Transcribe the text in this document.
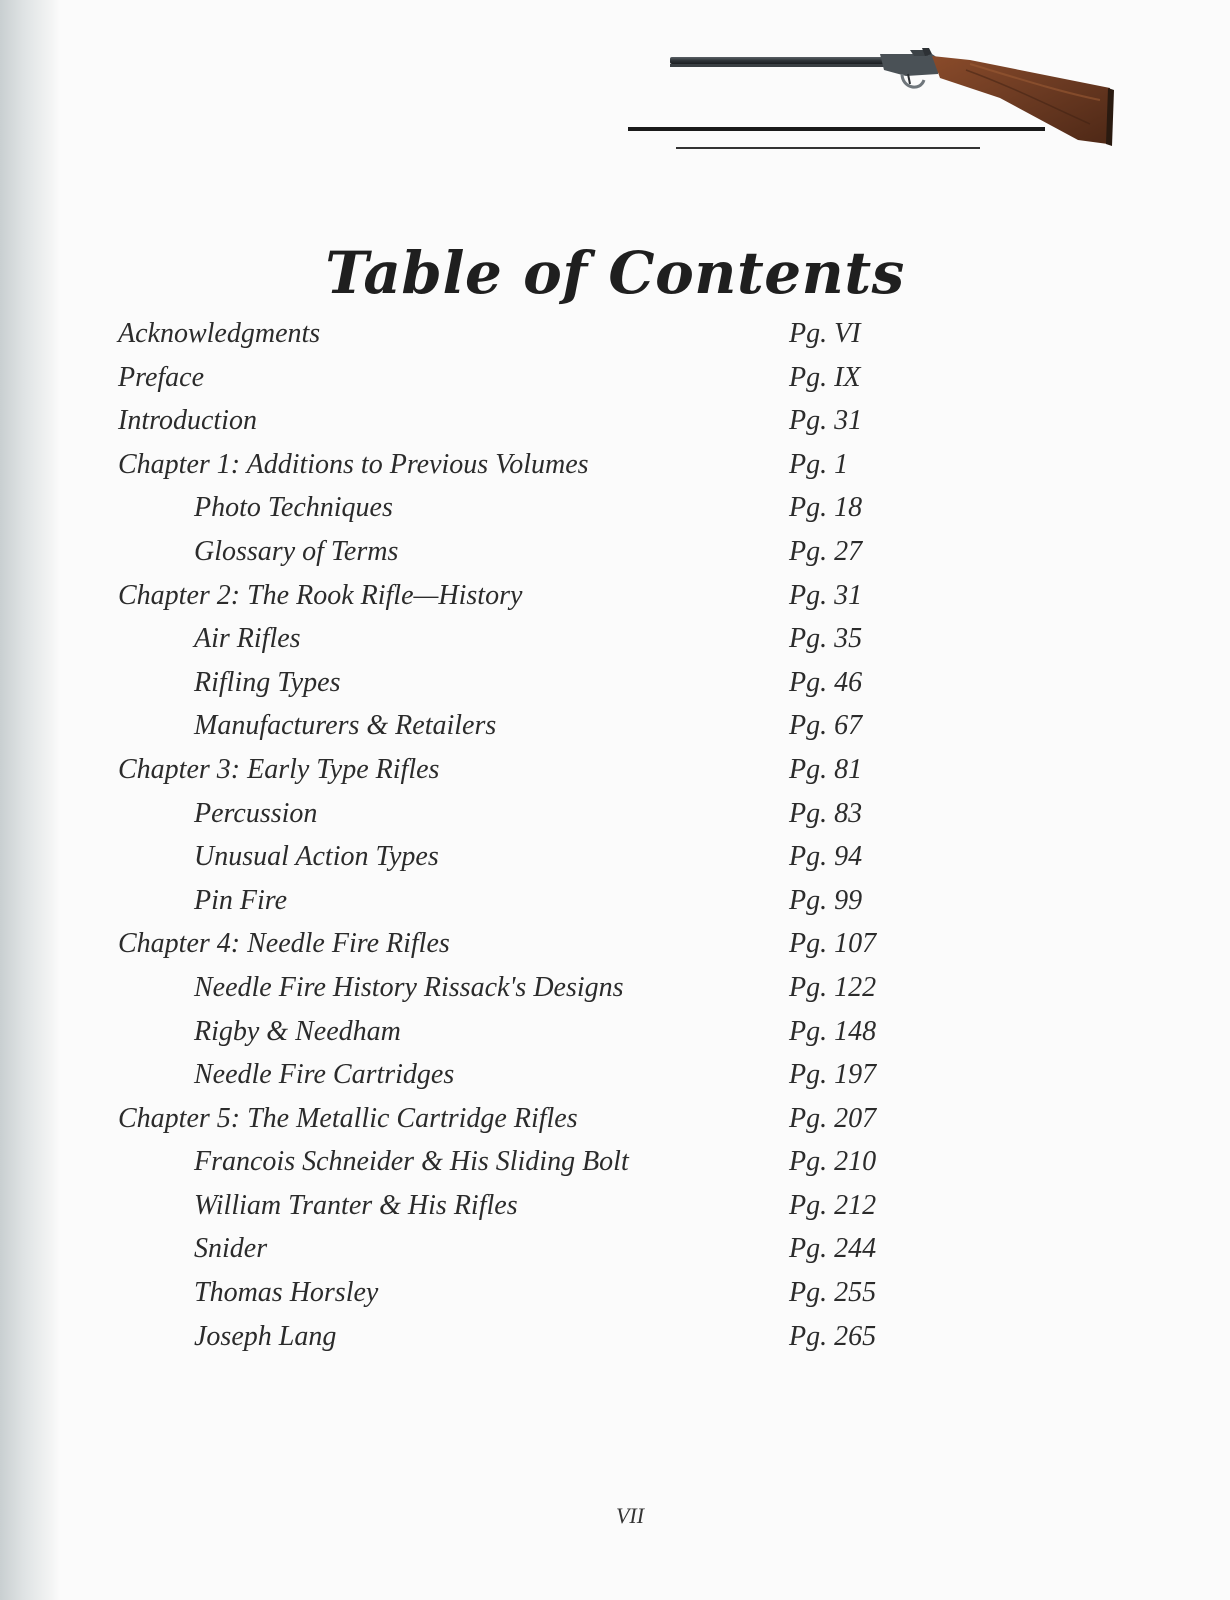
Table of Contents
Acknowledgments	Pg. VI
Preface	Pg. IX
Introduction	Pg. 31
Chapter 1: Additions to Previous Volumes	Pg. 1
Photo Techniques	Pg. 18
Glossary of Terms	Pg. 27
Chapter 2: The Rook Rifle—History	Pg. 31
Air Rifles	Pg. 35
Rifling Types	Pg. 46
Manufacturers & Retailers	Pg. 67
Chapter 3: Early Type Rifles	Pg. 81
Percussion	Pg. 83
Unusual Action Types	Pg. 94
Pin Fire	Pg. 99
Chapter 4: Needle Fire Rifles	Pg. 107
Needle Fire History Rissack's Designs	Pg. 122
Rigby & Needham	Pg. 148
Needle Fire Cartridges	Pg. 197
Chapter 5: The Metallic Cartridge Rifles	Pg. 207
Francois Schneider & His Sliding Bolt	Pg. 210
William Tranter & His Rifles	Pg. 212
Snider	Pg. 244
Thomas Horsley	Pg. 255
Joseph Lang	Pg. 265
VII
